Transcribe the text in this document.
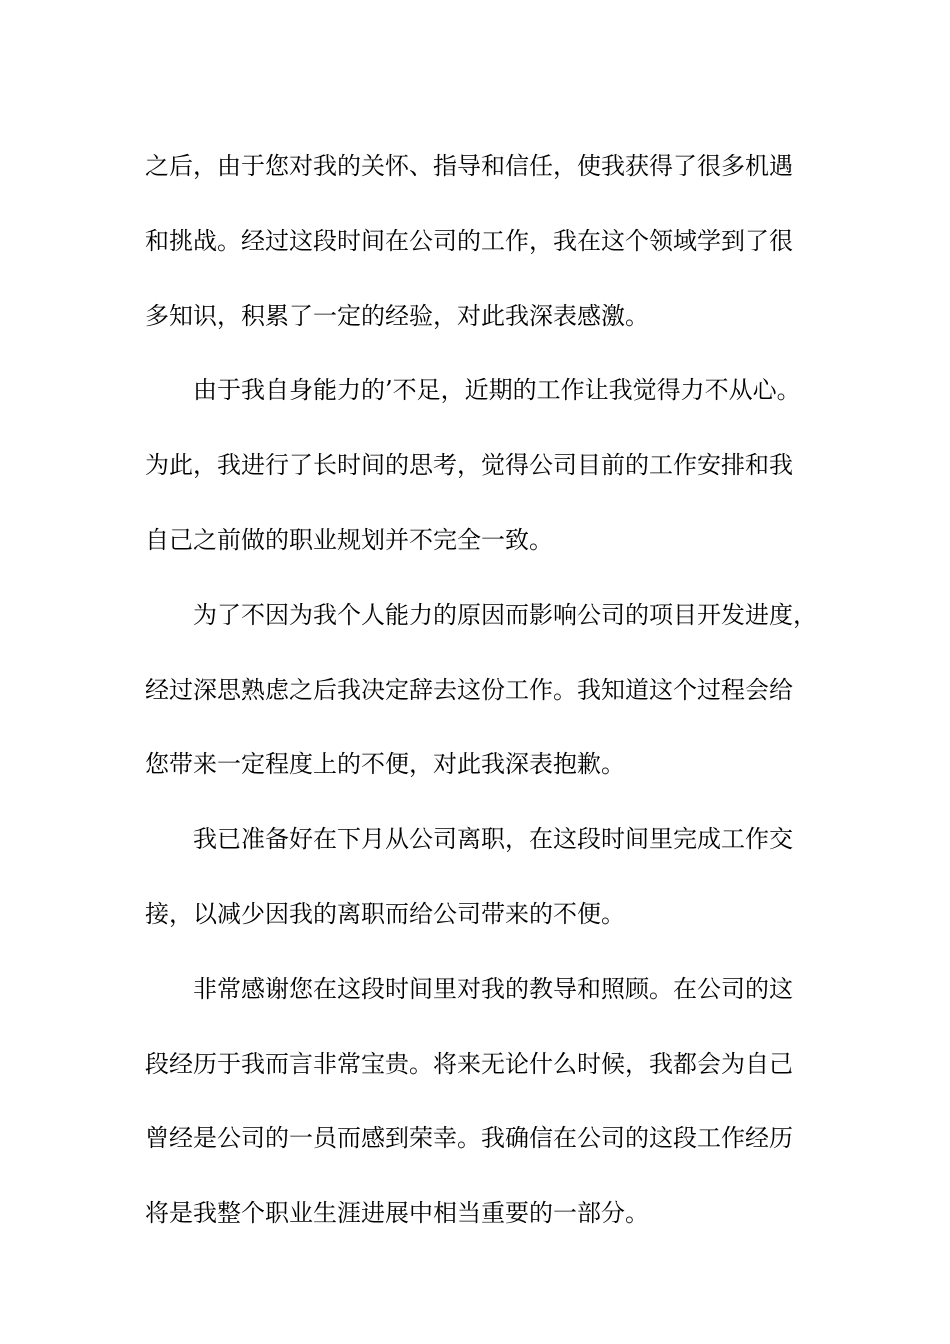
之后，由于您对我的关怀、指导和信任，使我获得了很多机遇
和挑战。经过这段时间在公司的工作，我在这个领域学到了很
多知识，积累了一定的经验，对此我深表感激。
由于我自身能力的’不足，近期的工作让我觉得力不从心。
为此，我进行了长时间的思考，觉得公司目前的工作安排和我
自己之前做的职业规划并不完全一致。
为了不因为我个人能力的原因而影响公司的项目开发进度，
经过深思熟虑之后我决定辞去这份工作。我知道这个过程会给
您带来一定程度上的不便，对此我深表抱歉。
我已准备好在下月从公司离职，在这段时间里完成工作交
接，以减少因我的离职而给公司带来的不便。
非常感谢您在这段时间里对我的教导和照顾。在公司的这
段经历于我而言非常宝贵。将来无论什么时候，我都会为自己
曾经是公司的一员而感到荣幸。我确信在公司的这段工作经历
将是我整个职业生涯进展中相当重要的一部分。
